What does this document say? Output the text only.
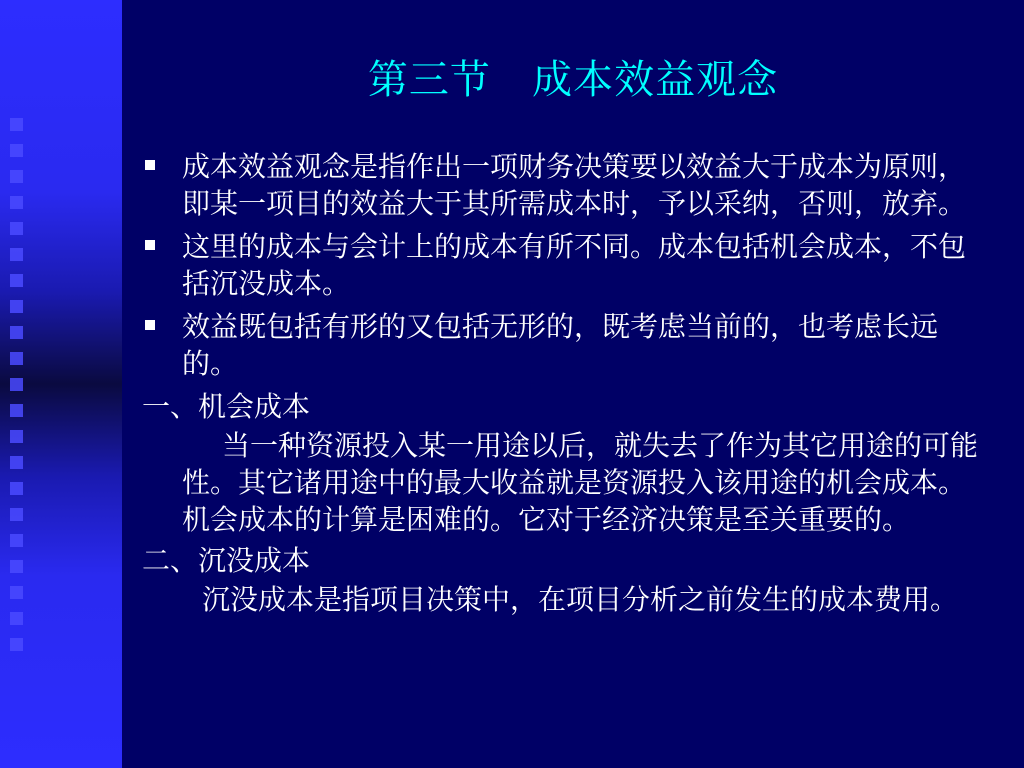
第三节   成本效益观念
成本效益观念是指作出一项财务决策要以效益大于成本为原则，即某一项目的效益大于其所需成本时，予以采纳，否则，放弃。
这里的成本与会计上的成本有所不同。成本包括机会成本，不包括沉没成本。
效益既包括有形的又包括无形的，既考虑当前的，也考虑长远的。
一、机会成本
当一种资源投入某一用途以后，就失去了作为其它用途的可能性。其它诸用途中的最大收益就是资源投入该用途的机会成本。机会成本的计算是困难的。它对于经济决策是至关重要的。
二、沉没成本
沉没成本是指项目决策中，在项目分析之前发生的成本费用。
